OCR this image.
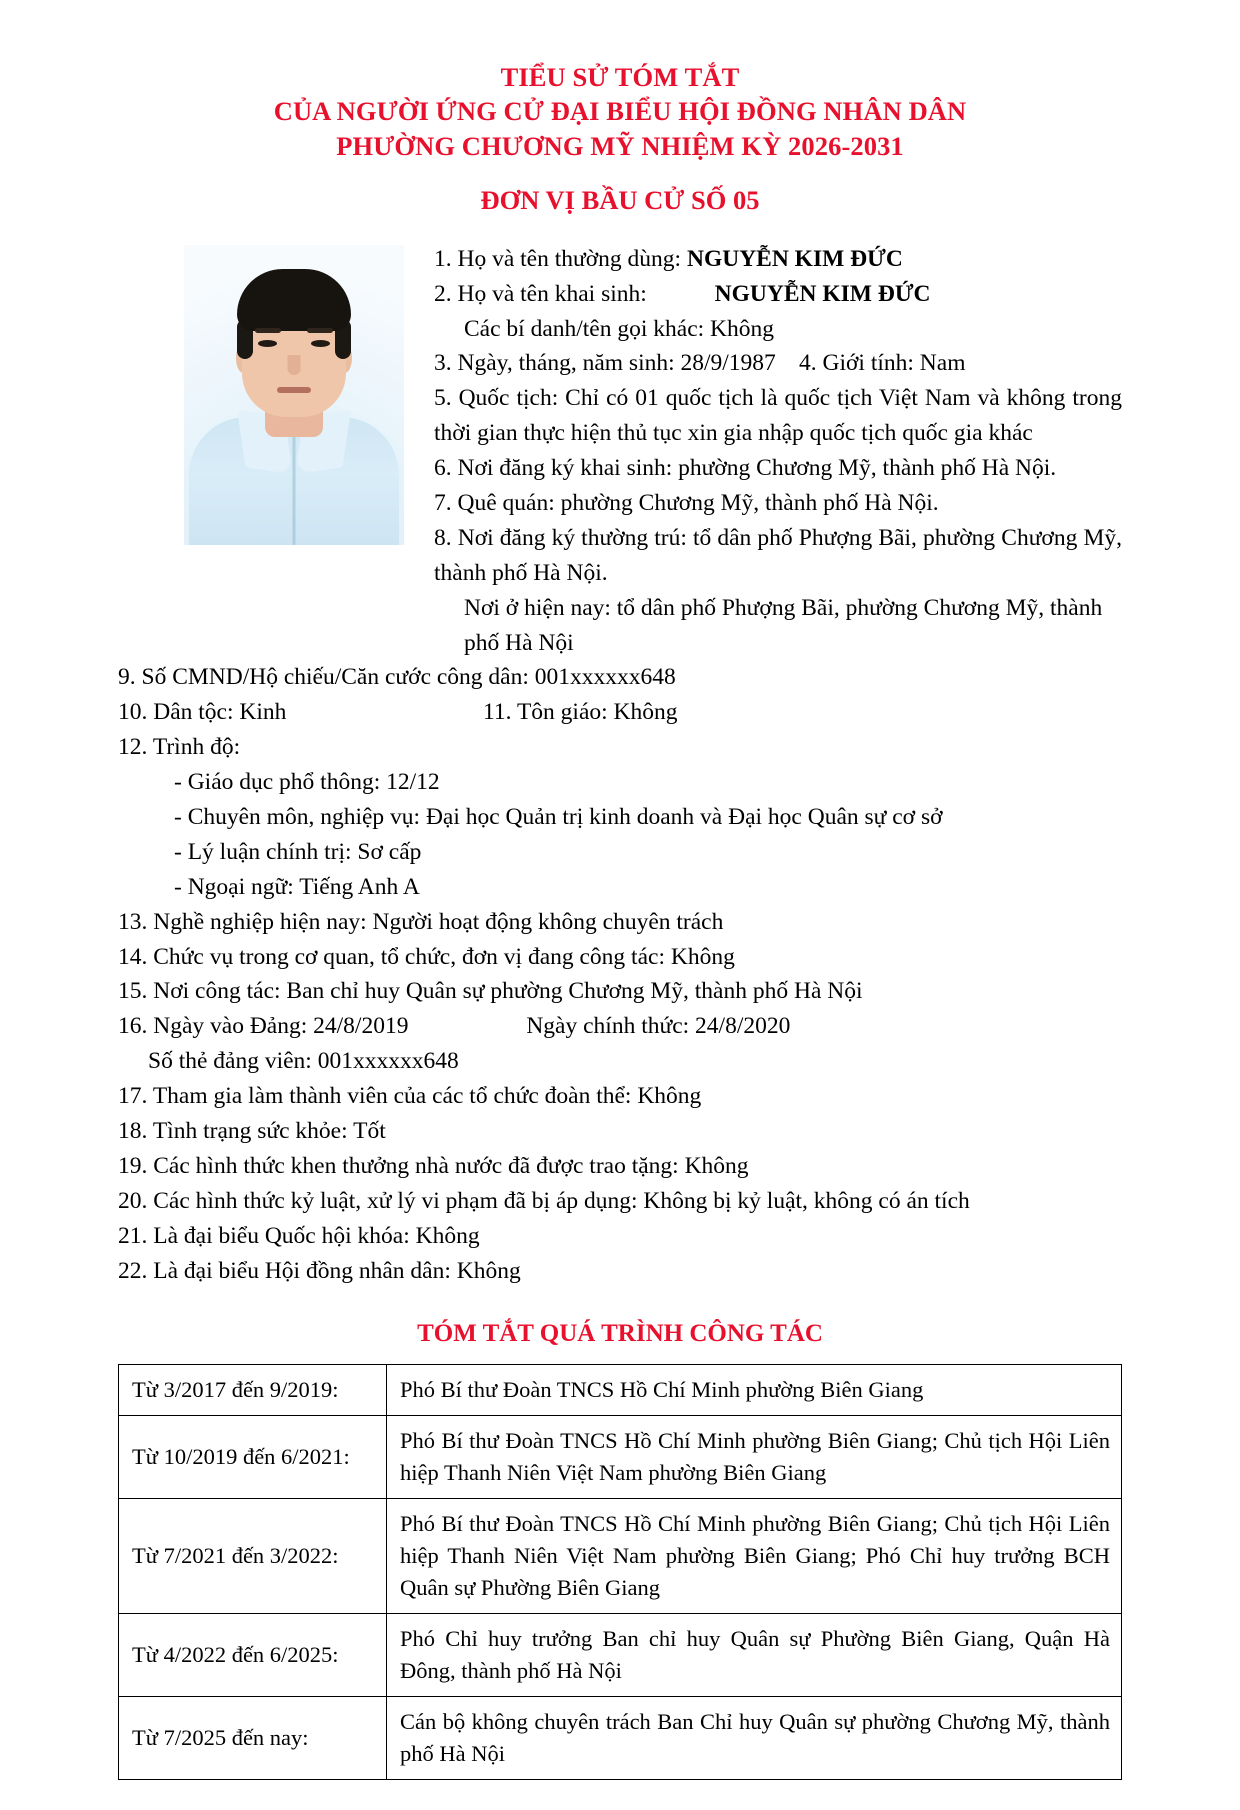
TIỂU SỬ TÓM TẮT
CỦA NGƯỜI ỨNG CỬ ĐẠI BIỂU HỘI ĐỒNG NHÂN DÂN
PHƯỜNG CHƯƠNG MỸ NHIỆM KỲ 2026-2031
ĐƠN VỊ BẦU CỬ SỐ 05

1. Họ và tên thường dùng: NGUYỄN KIM ĐỨC

2. Họ và tên khai sinh:	NGUYỄN KIM ĐỨC

Các bí danh/tên gọi khác: Không

3. Ngày, tháng, năm sinh: 28/9/1987 4. Giới tính: Nam

5. Quốc tịch: Chỉ có 01 quốc tịch là quốc tịch Việt Nam và không trong thời gian thực hiện thủ tục xin gia nhập quốc tịch quốc gia khác

6. Nơi đăng ký khai sinh: phường Chương Mỹ, thành phố Hà Nội.

7. Quê quán: phường Chương Mỹ, thành phố Hà Nội.

8. Nơi đăng ký thường trú: tổ dân phố Phượng Bãi, phường Chương Mỹ, thành phố Hà Nội.

Nơi ở hiện nay: tổ dân phố Phượng Bãi, phường Chương Mỹ, thành phố Hà Nội

9. Số CMND/Hộ chiếu/Căn cước công dân: 001xxxxxx648

10. Dân tộc: Kinh	11. Tôn giáo: Không

12. Trình độ:

- Giáo dục phổ thông: 12/12

- Chuyên môn, nghiệp vụ: Đại học Quản trị kinh doanh và Đại học Quân sự cơ sở

- Lý luận chính trị: Sơ cấp

- Ngoại ngữ: Tiếng Anh A

13. Nghề nghiệp hiện nay: Người hoạt động không chuyên trách

14. Chức vụ trong cơ quan, tổ chức, đơn vị đang công tác: Không

15. Nơi công tác: Ban chỉ huy Quân sự phường Chương Mỹ, thành phố Hà Nội

16. Ngày vào Đảng: 24/8/2019	Ngày chính thức: 24/8/2020

Số thẻ đảng viên: 001xxxxxx648

17. Tham gia làm thành viên của các tổ chức đoàn thể: Không

18. Tình trạng sức khỏe: Tốt

19. Các hình thức khen thưởng nhà nước đã được trao tặng: Không

20. Các hình thức kỷ luật, xử lý vi phạm đã bị áp dụng: Không bị kỷ luật, không có án tích

21. Là đại biểu Quốc hội khóa: Không

22. Là đại biểu Hội đồng nhân dân: Không

TÓM TẮT QUÁ TRÌNH CÔNG TÁC
Từ 3/2017 đến 9/2019:	Phó Bí thư Đoàn TNCS Hồ Chí Minh phường Biên Giang
Từ 10/2019 đến 6/2021:	Phó Bí thư Đoàn TNCS Hồ Chí Minh phường Biên Giang; Chủ tịch Hội Liên hiệp Thanh Niên Việt Nam phường Biên Giang
Từ 7/2021 đến 3/2022:	Phó Bí thư Đoàn TNCS Hồ Chí Minh phường Biên Giang; Chủ tịch Hội Liên hiệp Thanh Niên Việt Nam phường Biên Giang; Phó Chỉ huy trưởng BCH Quân sự Phường Biên Giang
Từ 4/2022 đến 6/2025:	Phó Chỉ huy trưởng Ban chỉ huy Quân sự Phường Biên Giang, Quận Hà Đông, thành phố Hà Nội
Từ 7/2025 đến nay:	Cán bộ không chuyên trách Ban Chỉ huy Quân sự phường Chương Mỹ, thành phố Hà Nội
